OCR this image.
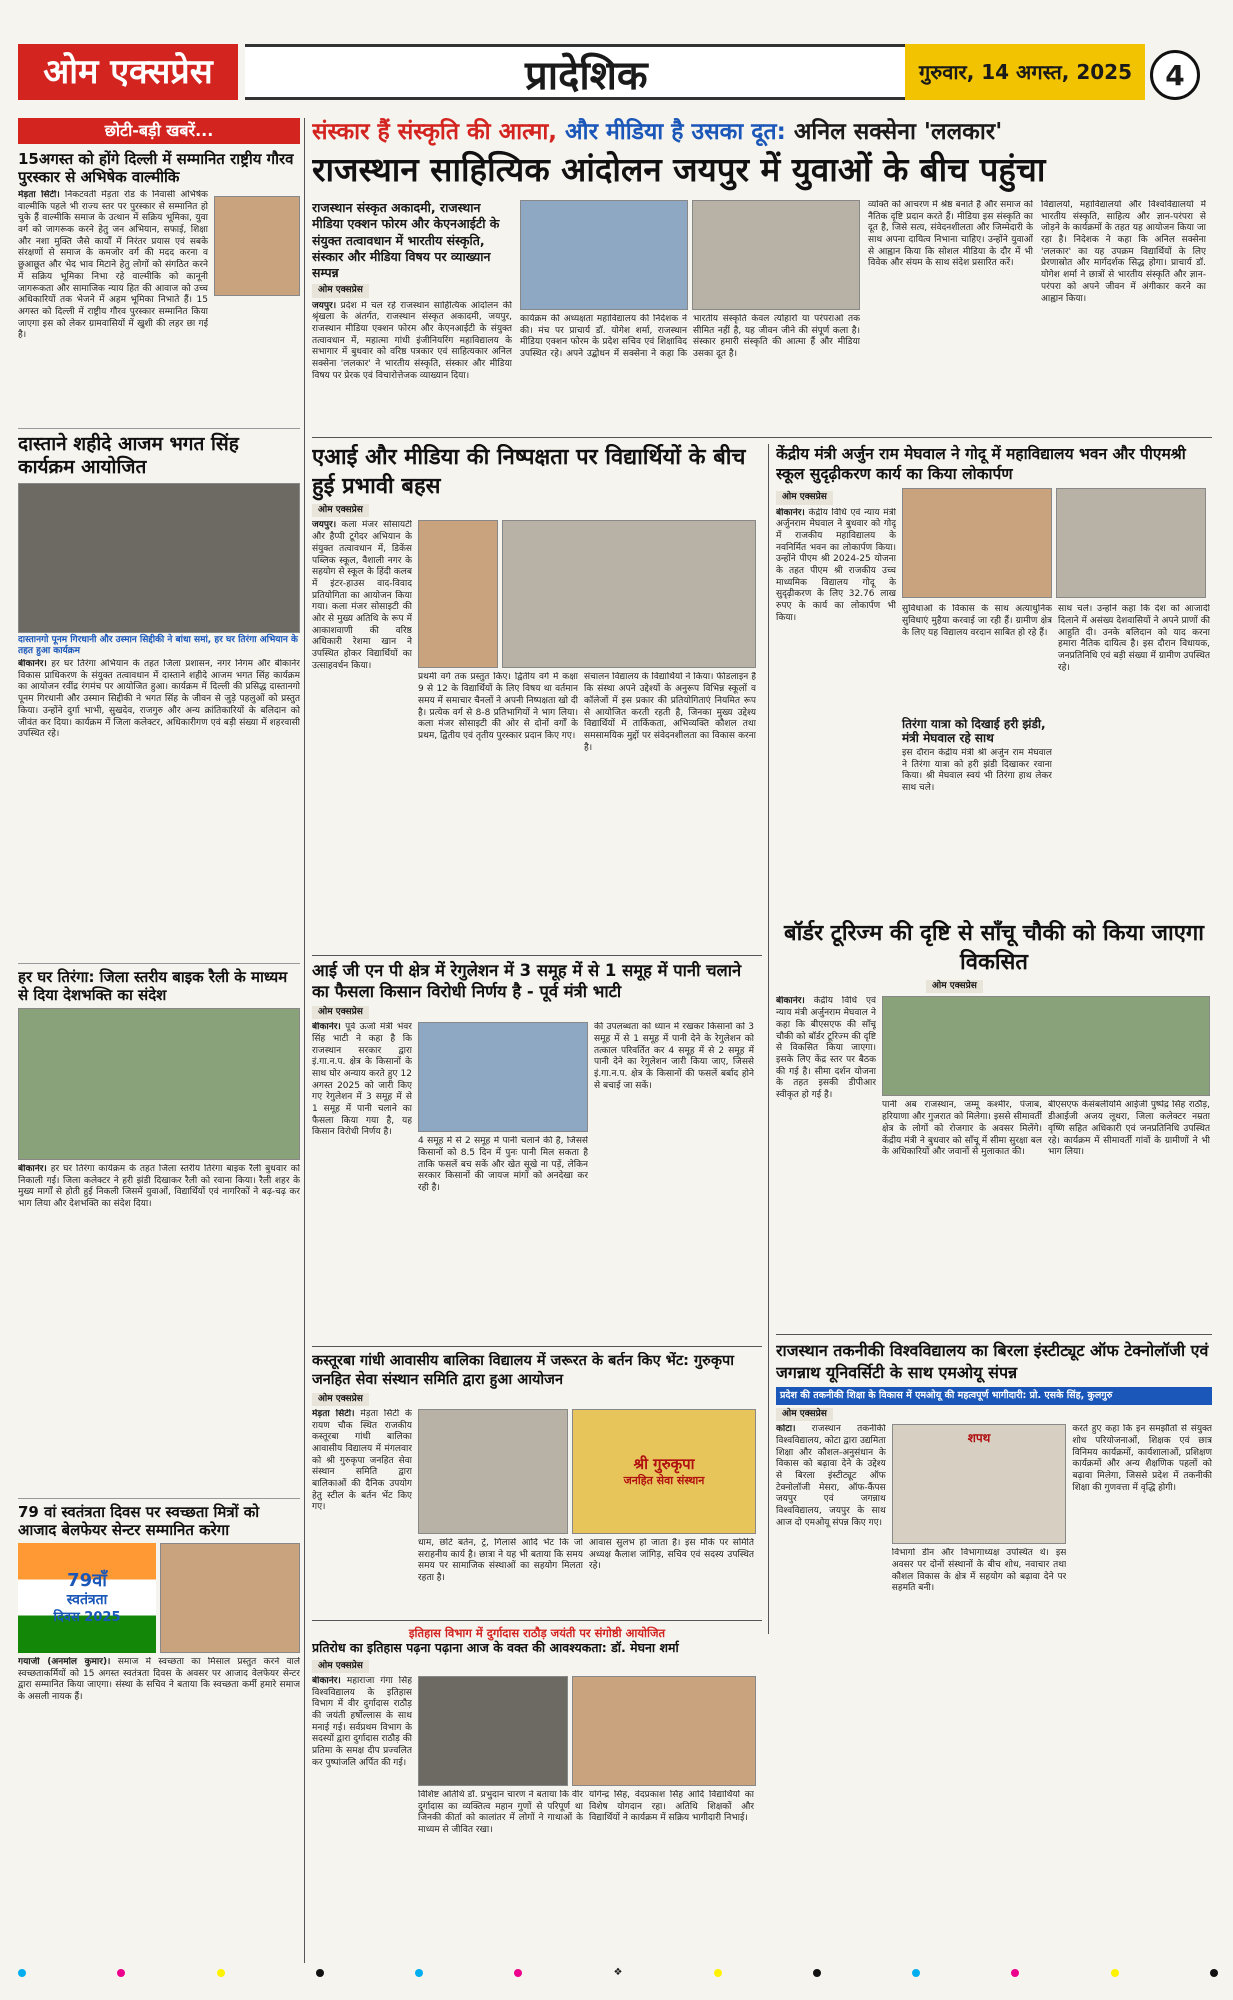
ओम एक्सप्रेस	प्रादेशिक	गुरुवार, 14 अगस्त, 2025	4
छोटी-बड़ी खबरें...
15अगस्त को होंगे दिल्ली में सम्मानित राष्ट्रीय गौरव पुरस्कार से अभिषेक वाल्मीकि
मेड़ता सिटी। निकटवर्ती मेड़ता रोड के निवासी अभिषेक वाल्मीकि पहले भी राज्य स्तर पर पुरस्कार से सम्मानित हो चुके हैं वाल्मीकि समाज के उत्थान में सक्रिय भूमिका, युवा वर्ग को जागरूक करने हेतु जन अभियान, सफाई, शिक्षा और नशा मुक्ति जैसे कार्यों में निरंतर प्रयास एवं सबके संरक्षणों से समाज के कमजोर वर्ग की मदद करना व छुआछूत और भेद भाव मिटाने हेतु लोगों को संगठित करने में सक्रिय भूमिका निभा रहे वाल्मीकि को कानूनी जागरूकता और सामाजिक न्याय हित की आवाज को उच्च अधिकारियों तक भेजने में अहम भूमिका निभाते हैं। 15 अगस्त को दिल्ली में राष्ट्रीय गौरव पुरस्कार सम्मानित किया जाएगा इस को लेकर ग्रामवासियों में खुशी की लहर छा गई है।
दास्ताने शहीदे आजम भगत सिंह कार्यक्रम आयोजित
दास्तानगो पूनम गिरधानी और उस्मान सिद्दीकी ने बांधा समां, हर घर तिरंगा अभियान के तहत हुआ कार्यक्रम
बीकानेर। हर घर तिरंगा अभियान के तहत जिला प्रशासन, नगर निगम और बीकानेर विकास प्राधिकरण के संयुक्त तत्वावधान में दास्ताने शहीदे आजम भगत सिंह कार्यक्रम का आयोजन रवींद्र रंगमंच पर आयोजित हुआ। कार्यक्रम में दिल्ली की प्रसिद्ध दास्तानगो पूनम गिरधानी और उस्मान सिद्दीकी ने भगत सिंह के जीवन से जुड़े पहलुओं को प्रस्तुत किया। उन्होंने दुर्गा भाभी, सुखदेव, राजगुरु और अन्य क्रांतिकारियों के बलिदान को जीवंत कर दिया। कार्यक्रम में जिला कलेक्टर, अधिकारीगण एवं बड़ी संख्या में शहरवासी उपस्थित रहे।
हर घर तिरंगा: जिला स्तरीय बाइक रैली के माध्यम से दिया देशभक्ति का संदेश
बीकानेर। हर घर तिरंगा कार्यक्रम के तहत जिला स्तरीय तिरंगा बाइक रैली बुधवार को निकाली गई। जिला कलेक्टर ने हरी झंडी दिखाकर रैली को रवाना किया। रैली शहर के मुख्य मार्गों से होती हुई निकली जिसमें युवाओं, विद्यार्थियों एवं नागरिकों ने बढ़-चढ़ कर भाग लिया और देशभक्ति का संदेश दिया।
79 वां स्वतंत्रता दिवस पर स्वच्छता मित्रों को आजाद बेलफेयर सेन्टर सम्मानित करेगा
79वाँ
स्वतंत्रता
दिवस 2025
गयाजी (अनमोल कुमार)। समाज में स्वच्छता का मिसाल प्रस्तुत करने वाले स्वच्छताकर्मियों को 15 अगस्त स्वतंत्रता दिवस के अवसर पर आजाद वेलफेयर सेन्टर द्वारा सम्मानित किया जाएगा। संस्था के सचिव ने बताया कि स्वच्छता कर्मी हमारे समाज के असली नायक हैं।
संस्कार हैं संस्कृति की आत्मा, और मीडिया है उसका दूत: अनिल सक्सेना 'ललकार'
राजस्थान साहित्यिक आंदोलन जयपुर में युवाओं के बीच पहुंचा
राजस्थान संस्कृत अकादमी, राजस्थान मीडिया एक्शन फोरम और केएनआईटी के संयुक्त तत्वावधान में भारतीय संस्कृति, संस्कार और मीडिया विषय पर व्याख्यान सम्पन्न
ओम एक्सप्रेस
जयपुर। प्रदेश में चल रहे राजस्थान साहित्यिक आंदोलन की श्रृंखला के अंतर्गत, राजस्थान संस्कृत अकादमी, जयपुर, राजस्थान मीडिया एक्शन फोरम और केएनआईटी के संयुक्त तत्वावधान में, महात्मा गांधी इंजीनियरिंग महाविद्यालय के सभागार में बुधवार को वरिष्ठ पत्रकार एवं साहित्यकार अनिल सक्सेना 'ललकार' ने भारतीय संस्कृति, संस्कार और मीडिया विषय पर प्रेरक एवं विचारोत्तेजक व्याख्यान दिया।
कार्यक्रम की अध्यक्षता महाविद्यालय की निदेशक ने की। मंच पर प्राचार्य डॉ. योगेश शर्मा, राजस्थान मीडिया एक्शन फोरम के प्रदेश सचिव एवं शिक्षाविद उपस्थित रहे। अपने उद्बोधन में सक्सेना ने कहा कि भारतीय संस्कृति केवल त्योहारों या परंपराओं तक सीमित नहीं है, यह जीवन जीने की संपूर्ण कला है। संस्कार हमारी संस्कृति की आत्मा हैं और मीडिया उसका दूत है।
व्यक्ति को आचरण में श्रेष्ठ बनाते हैं और समाज को नैतिक दृष्टि प्रदान करते हैं। मीडिया इस संस्कृति का दूत है, जिसे सत्य, संवेदनशीलता और जिम्मेदारी के साथ अपना दायित्व निभाना चाहिए। उन्होंने युवाओं से आह्वान किया कि सोशल मीडिया के दौर में भी विवेक और संयम के साथ संदेश प्रसारित करें।
विद्यालयों, महाविद्यालयों और विश्वविद्यालयों में भारतीय संस्कृति, साहित्य और ज्ञान-परंपरा से जोड़ने के कार्यक्रमों के तहत यह आयोजन किया जा रहा है। निदेशक ने कहा कि अनिल सक्सेना 'ललकार' का यह उपक्रम विद्यार्थियों के लिए प्रेरणास्रोत और मार्गदर्शक सिद्ध होगा। प्राचार्य डॉ. योगेश शर्मा ने छात्रों से भारतीय संस्कृति और ज्ञान-परंपरा को अपने जीवन में अंगीकार करने का आह्वान किया।
एआई और मीडिया की निष्पक्षता पर विद्यार्थियों के बीच हुई प्रभावी बहस
ओम एक्सप्रेस
जयपुर। कला मंजर सोसायटी और हैप्पी टूगेदर अभियान के संयुक्त तत्वावधान में, डिकेंस पब्लिक स्कूल, वैशाली नगर के सहयोग से स्कूल के हिंदी कलब में इंटर-हाउस वाद-विवाद प्रतियोगिता का आयोजन किया गया। कला मंजर सोसाइटी की ओर से मुख्य अतिथि के रूप में आकाशवाणी की वरिष्ठ अधिकारी रेशमा खान ने उपस्थित होकर विद्यार्थियों का उत्साहवर्धन किया।
प्रथमी वर्ग तक प्रस्तुत किए। द्वितीय वर्ग में कक्षा 9 से 12 के विद्यार्थियों के लिए विषय था वर्तमान समय में समाचार चैनलों ने अपनी निष्पक्षता खो दी है। प्रत्येक वर्ग से 8-8 प्रतिभागियों ने भाग लिया। कला मंजर सोसाइटी की ओर से दोनों वर्गों के प्रथम, द्वितीय एवं तृतीय पुरस्कार प्रदान किए गए।
संचालन विद्यालय के विद्यार्थियों ने किया। फीडलाइन हैं कि संस्था अपने उद्देश्यों के अनुरूप विभिन्न स्कूलों व कॉलेजों में इस प्रकार की प्रतियोगिताएं नियमित रूप से आयोजित करती रहती है, जिनका मुख्य उद्देश्य विद्यार्थियों में तार्किकता, अभिव्यक्ति कौशल तथा समसामयिक मुद्दों पर संवेदनशीलता का विकास करना है।
केंद्रीय मंत्री अर्जुन राम मेघवाल ने गोदू में महाविद्यालय भवन और पीएमश्री स्कूल सुदृढ़ीकरण कार्य का किया लोकार्पण
ओम एक्सप्रेस
बीकानेर। केंद्रीय विधि एवं न्याय मंत्री अर्जुनराम मेघवाल ने बुधवार को गोदू में राजकीय महाविद्यालय के नवनिर्मित भवन का लोकार्पण किया। उन्होंने पीएम श्री 2024-25 योजना के तहत पीएम श्री राजकीय उच्च माध्यमिक विद्यालय गोदू के सुदृढ़ीकरण के लिए 32.76 लाख रुपए के कार्य का लोकार्पण भी किया।
सुविधाओं के विकास के साथ अत्याधुनिक सुविधाएं मुहैया करवाई जा रही हैं। ग्रामीण क्षेत्र के लिए यह विद्यालय वरदान साबित हो रहे हैं।
तिरंगा यात्रा को दिखाई हरी झंडी, मंत्री मेघवाल रहे साथ
इस दौरान केंद्रीय मंत्री श्री अर्जुन राम मेघवाल ने तिरंगा यात्रा को हरी झंडी दिखाकर रवाना किया। श्री मेघवाल स्वयं भी तिरंगा हाथ लेकर साथ चले।
साथ चले। उन्होंने कहा कि देश को आजादी दिलाने में असंख्य देशवासियों ने अपने प्राणों की आहुति दी। उनके बलिदान को याद करना हमारा नैतिक दायित्व है। इस दौरान विधायक, जनप्रतिनिधि एवं बड़ी संख्या में ग्रामीण उपस्थित रहे।
आई जी एन पी क्षेत्र में रेगुलेशन में 3 समूह में से 1 समूह में पानी चलाने का फैसला किसान विरोधी निर्णय है - पूर्व मंत्री भाटी
ओम एक्सप्रेस
बीकानेर। पूर्व ऊर्जा मंत्री भंवर सिंह भाटी ने कहा है कि राजस्थान सरकार द्वारा इं.गा.न.प. क्षेत्र के किसानों के साथ घोर अन्याय करते हुए 12 अगस्त 2025 को जारी किए गए रेगुलेशन में 3 समूह में से 1 समूह में पानी चलाने का फैसला किया गया है, यह किसान विरोधी निर्णय है।
4 समूह में से 2 समूह में पानी चलाने की है, जिससे किसानों को 8.5 दिन में पुनः पानी मिल सकता है ताकि फसलें बच सकें और खेत सूखे ना पड़ें, लेकिन सरकार किसानों की जायज मांगों को अनदेखा कर रही है।
की उपलब्धता को ध्यान में रखकर किसानों को 3 समूह में से 1 समूह में पानी देने के रेगुलेशन को तत्काल परिवर्तित कर 4 समूह में से 2 समूह में पानी देने का रेगुलेशन जारी किया जाए, जिससे इं.गा.न.प. क्षेत्र के किसानों की फसलें बर्बाद होने से बचाई जा सकें।
बॉर्डर टूरिज्म की दृष्टि से साँचू चौकी को किया जाएगा विकसित
ओम एक्सप्रेस
बीकानेर। केंद्रीय विधि एवं न्याय मंत्री अर्जुनराम मेघवाल ने कहा कि बीएसएफ की साँचू चौकी को बॉर्डर टूरिज्म की दृष्टि से विकसित किया जाएगा। इसके लिए केंद्र स्तर पर बैठक की गई है। सीमा दर्शन योजना के तहत इसकी डीपीआर स्वीकृत हो गई है।
पानी अब राजस्थान, जम्मू कश्मीर, पंजाब, हरियाणा और गुजरात को मिलेगा। इससे सीमावर्ती क्षेत्र के लोगों को रोजगार के अवसर मिलेंगे। केंद्रीय मंत्री ने बुधवार को साँचू में सीमा सुरक्षा बल के अधिकारियों और जवानों से मुलाकात की।
बीएसएफ केसंबलीयमि आईजी पुष्पेंद्र सिंह राठौड़, डीआईजी अजय लूथरा, जिला कलेक्टर नम्रता वृष्णि सहित अधिकारी एवं जनप्रतिनिधि उपस्थित रहे। कार्यक्रम में सीमावर्ती गांवों के ग्रामीणों ने भी भाग लिया।
कस्तूरबा गांधी आवासीय बालिका विद्यालय में जरूरत के बर्तन किए भेंट: गुरुकृपा जनहित सेवा संस्थान समिति द्वारा हुआ आयोजन
ओम एक्सप्रेस
मेड़ता सिटी। मेड़ता सिटी के रायण चौक स्थित राजकीय कस्तूरबा गांधी बालिका आवासीय विद्यालय में मंगलवार को श्री गुरुकृपा जनहित सेवा संस्थान समिति द्वारा बालिकाओं की दैनिक उपयोग हेतु स्टील के बर्तन भेंट किए गए।
श्री गुरुकृपा
जनहित सेवा संस्थान
धाम, छोटे बर्तन, ट्रे, गिलासें आदि भेंट कि जो सराहनीय कार्य है। छात्रा ने यह भी बताया कि समय समय पर सामाजिक संस्थाओं का सहयोग मिलता रहता है।
आवास सुलभ हो जाता है। इस मौके पर समिति अध्यक्ष कैलाश जांगिड़, सचिव एवं सदस्य उपस्थित रहे।
इतिहास विभाग में दुर्गादास राठौड़ जयंती पर संगोष्ठी आयोजित
प्रतिरोध का इतिहास पढ़ना पढ़ाना आज के वक्त की आवश्यकता: डॉ. मेघना शर्मा
ओम एक्सप्रेस
बीकानेर। महाराजा गंगा सिंह विश्वविद्यालय के इतिहास विभाग में वीर दुर्गादास राठौड़ की जयंती हर्षोल्लास के साथ मनाई गई। सर्वप्रथम विभाग के सदस्यों द्वारा दुर्गादास राठौड़ की प्रतिमा के समक्ष दीप प्रज्वलित कर पुष्पांजलि अर्पित की गई।
विशिष्ट अतिथि डॉ. प्रभुदान चारण ने बताया कि वीर दुर्गादास का व्यक्तित्व महान गुणों से परिपूर्ण था जिनकी कीर्ता को कालांतर में लोगों ने गाथाओं के माध्यम से जीवित रखा।
योगेन्द्र सिंह, वेदप्रकाश सिंह आदि विद्यार्थियों का विशेष योगदान रहा। अतिथि शिक्षकों और विद्यार्थियों ने कार्यक्रम में सक्रिय भागीदारी निभाई।
राजस्थान तकनीकी विश्वविद्यालय का बिरला इंस्टीट्यूट ऑफ टेक्नोलॉजी एवं जगन्नाथ यूनिवर्सिटी के साथ एमओयू संपन्न
प्रदेश की तकनीकी शिक्षा के विकास में एमओयू की महत्वपूर्ण भागीदारी: प्रो. एसके सिंह, कुलगुरु
ओम एक्सप्रेस
कोटा। राजस्थान तकनीकी विश्वविद्यालय, कोटा द्वारा उद्यमिता शिक्षा और कौशल-अनुसंधान के विकास को बढ़ावा देने के उद्देश्य से बिरला इंस्टीट्यूट ऑफ टेक्नोलॉजी मेसरा, ऑफ-कैंपस जयपुर एवं जगन्नाथ विश्वविद्यालय, जयपुर के साथ आज दो एमओयू संपन्न किए गए।
शपथ
विभागों डीन और विभागाध्यक्ष उपस्थित थे। इस अवसर पर दोनों संस्थानों के बीच शोध, नवाचार तथा कौशल विकास के क्षेत्र में सहयोग को बढ़ावा देने पर सहमति बनी।
करते हुए कहा कि इन समझौतों से संयुक्त शोध परियोजनाओं, शिक्षक एवं छात्र विनिमय कार्यक्रमों, कार्यशालाओं, प्रशिक्षण कार्यक्रमों और अन्य शैक्षणिक पहलों को बढ़ावा मिलेगा, जिससे प्रदेश में तकनीकी शिक्षा की गुणवत्ता में वृद्धि होगी।
❖
